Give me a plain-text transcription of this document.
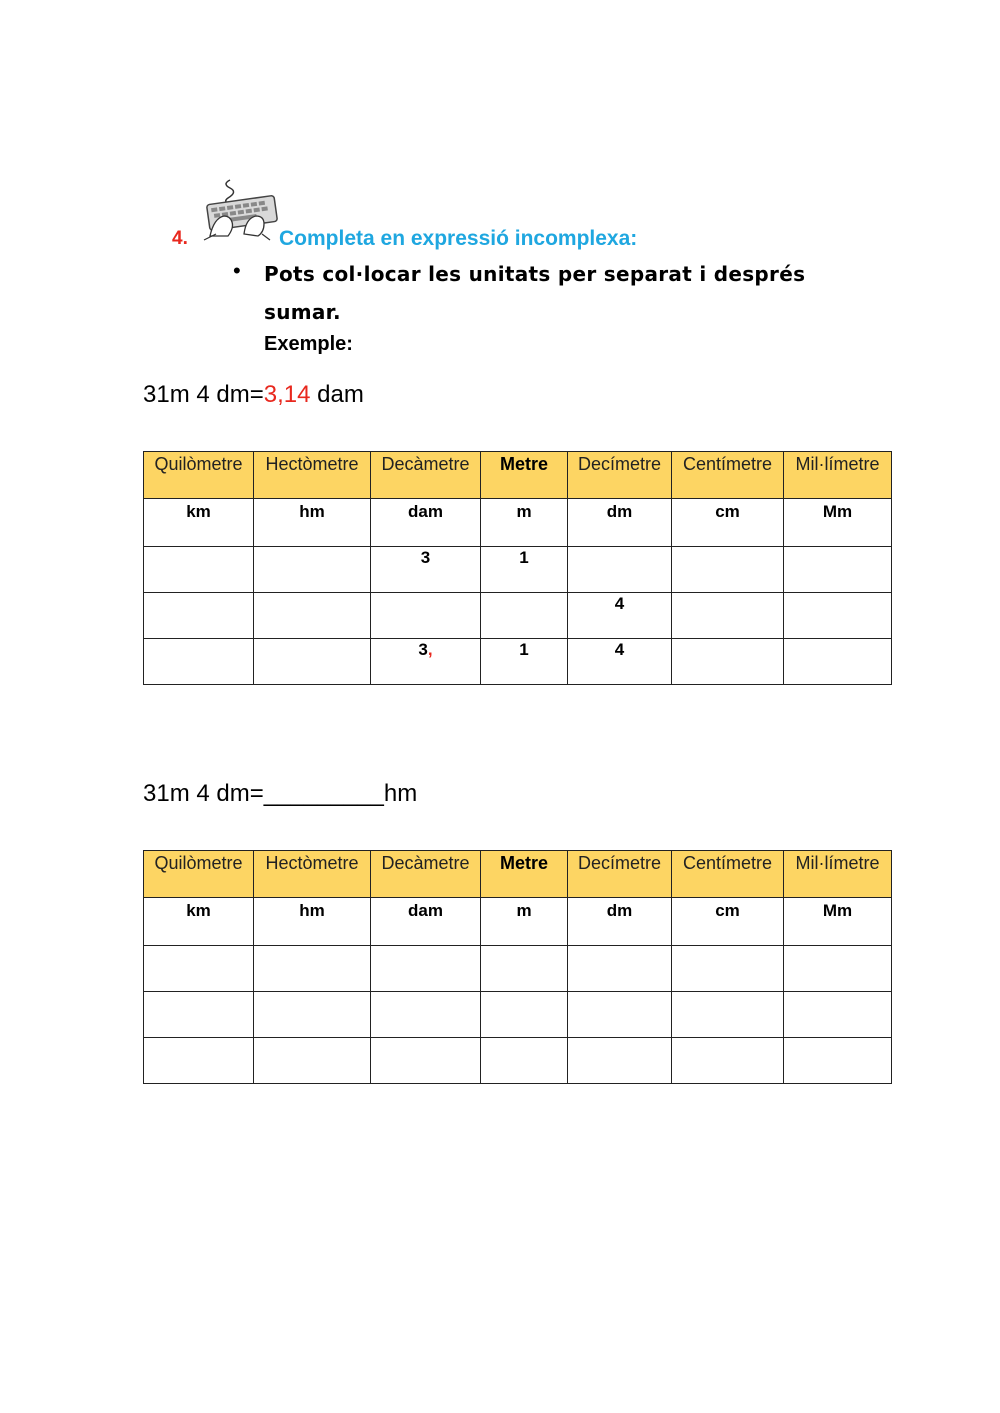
4.	Completa en expressió incomplexa:
• Pots col·locar les unitats per separat i després sumar.
Exemple:
31m 4 dm=3,14 dam
Quilòmetre	Hectòmetre	Decàmetre	Metre	Decímetre	Centímetre	Mil·límetre
km	hm	dam	m	dm	cm	Mm
		3	1			
				4		
		3,	1	4		
31m 4 dm=_________hm
Quilòmetre	Hectòmetre	Decàmetre	Metre	Decímetre	Centímetre	Mil·límetre
km	hm	dam	m	dm	cm	Mm
